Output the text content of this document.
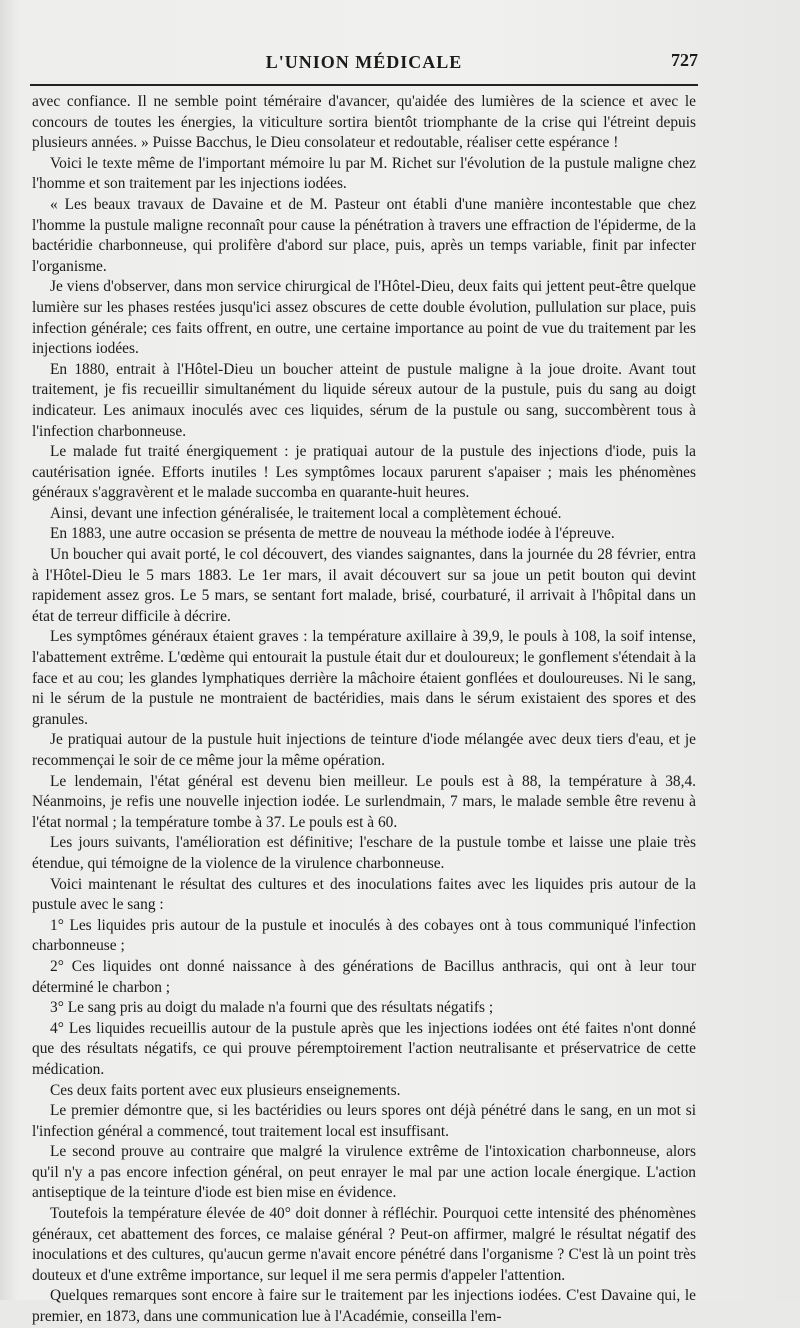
L'UNION MÉDICALE	727

avec confiance. Il ne semble point téméraire d'avancer, qu'aidée des lumières de la science et avec le concours de toutes les énergies, la viticulture sortira bientôt triomphante de la crise qui l'étreint depuis plusieurs années. » Puisse Bacchus, le Dieu consolateur et redoutable, réaliser cette espérance !

Voici le texte même de l'important mémoire lu par M. Richet sur l'évolution de la pustule maligne chez l'homme et son traitement par les injections iodées.

« Les beaux travaux de Davaine et de M. Pasteur ont établi d'une manière incontestable que chez l'homme la pustule maligne reconnaît pour cause la pénétration à travers une effraction de l'épiderme, de la bactéridie charbonneuse, qui prolifère d'abord sur place, puis, après un temps variable, finit par infecter l'organisme.

Je viens d'observer, dans mon service chirurgical de l'Hôtel-Dieu, deux faits qui jettent peut-être quelque lumière sur les phases restées jusqu'ici assez obscures de cette double évolution, pullulation sur place, puis infection générale; ces faits offrent, en outre, une certaine importance au point de vue du traitement par les injections iodées.

En 1880, entrait à l'Hôtel-Dieu un boucher atteint de pustule maligne à la joue droite. Avant tout traitement, je fis recueillir simultanément du liquide séreux autour de la pustule, puis du sang au doigt indicateur. Les animaux inoculés avec ces liquides, sérum de la pustule ou sang, succombèrent tous à l'infection charbonneuse.

Le malade fut traité énergiquement : je pratiquai autour de la pustule des injections d'iode, puis la cautérisation ignée. Efforts inutiles ! Les symptômes locaux parurent s'apaiser ; mais les phénomènes généraux s'aggravèrent et le malade succomba en quarante-huit heures.

Ainsi, devant une infection généralisée, le traitement local a complètement échoué.

En 1883, une autre occasion se présenta de mettre de nouveau la méthode iodée à l'épreuve.

Un boucher qui avait porté, le col découvert, des viandes saignantes, dans la journée du 28 février, entra à l'Hôtel-Dieu le 5 mars 1883. Le 1er mars, il avait découvert sur sa joue un petit bouton qui devint rapidement assez gros. Le 5 mars, se sentant fort malade, brisé, courbaturé, il arrivait à l'hôpital dans un état de terreur difficile à décrire.

Les symptômes généraux étaient graves : la température axillaire à 39,9, le pouls à 108, la soif intense, l'abattement extrême. L'œdème qui entourait la pustule était dur et douloureux; le gonflement s'étendait à la face et au cou; les glandes lymphatiques derrière la mâchoire étaient gonflées et douloureuses. Ni le sang, ni le sérum de la pustule ne montraient de bactéridies, mais dans le sérum existaient des spores et des granules.

Je pratiquai autour de la pustule huit injections de teinture d'iode mélangée avec deux tiers d'eau, et je recommençai le soir de ce même jour la même opération.

Le lendemain, l'état général est devenu bien meilleur. Le pouls est à 88, la température à 38,4. Néanmoins, je refis une nouvelle injection iodée. Le surlendmain, 7 mars, le malade semble être revenu à l'état normal ; la température tombe à 37. Le pouls est à 60.

Les jours suivants, l'amélioration est définitive; l'eschare de la pustule tombe et laisse une plaie très étendue, qui témoigne de la violence de la virulence charbonneuse.

Voici maintenant le résultat des cultures et des inoculations faites avec les liquides pris autour de la pustule avec le sang :

1° Les liquides pris autour de la pustule et inoculés à des cobayes ont à tous communiqué l'infection charbonneuse ;

2° Ces liquides ont donné naissance à des générations de Bacillus anthracis, qui ont à leur tour déterminé le charbon ;

3° Le sang pris au doigt du malade n'a fourni que des résultats négatifs ;

4° Les liquides recueillis autour de la pustule après que les injections iodées ont été faites n'ont donné que des résultats négatifs, ce qui prouve péremptoirement l'action neutralisante et préservatrice de cette médication.

Ces deux faits portent avec eux plusieurs enseignements.

Le premier démontre que, si les bactéridies ou leurs spores ont déjà pénétré dans le sang, en un mot si l'infection général a commencé, tout traitement local est insuffisant.

Le second prouve au contraire que malgré la virulence extrême de l'intoxication charbonneuse, alors qu'il n'y a pas encore infection général, on peut enrayer le mal par une action locale énergique. L'action antiseptique de la teinture d'iode est bien mise en évidence.

Toutefois la température élevée de 40° doit donner à réfléchir. Pourquoi cette intensité des phénomènes généraux, cet abattement des forces, ce malaise général ? Peut-on affirmer, malgré le résultat négatif des inoculations et des cultures, qu'aucun germe n'avait encore pénétré dans l'organisme ? C'est là un point très douteux et d'une extrême importance, sur lequel il me sera permis d'appeler l'attention.

Quelques remarques sont encore à faire sur le traitement par les injections iodées. C'est Davaine qui, le premier, en 1873, dans une communication lue à l'Académie, conseilla l'em-
